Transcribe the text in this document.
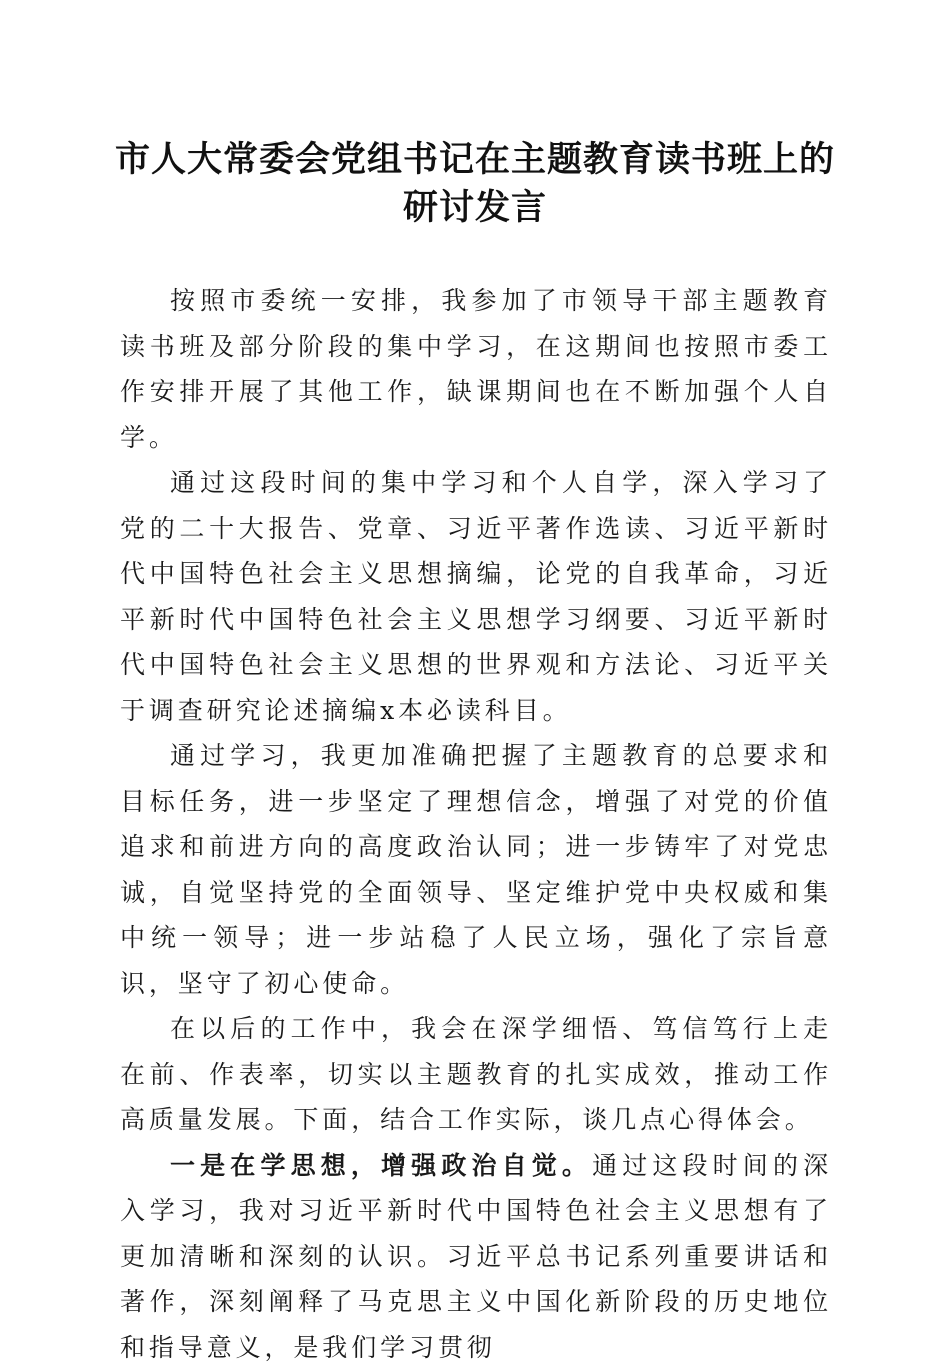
市人大常委会党组书记在主题教育读书班上的
研讨发言

按照市委统一安排，我参加了市领导干部主题教育读书班及部分阶段的集中学习，在这期间也按照市委工作安排开展了其他工作，缺课期间也在不断加强个人自学。

通过这段时间的集中学习和个人自学，深入学习了党的二十大报告、党章、习近平著作选读、习近平新时代中国特色社会主义思想摘编，论党的自我革命，习近平新时代中国特色社会主义思想学习纲要、习近平新时代中国特色社会主义思想的世界观和方法论、习近平关于调查研究论述摘编x本必读科目。

通过学习，我更加准确把握了主题教育的总要求和目标任务，进一步坚定了理想信念，增强了对党的价值追求和前进方向的高度政治认同；进一步铸牢了对党忠诚，自觉坚持党的全面领导、坚定维护党中央权威和集中统一领导；进一步站稳了人民立场，强化了宗旨意识，坚守了初心使命。

在以后的工作中，我会在深学细悟、笃信笃行上走在前、作表率，切实以主题教育的扎实成效，推动工作高质量发展。下面，结合工作实际，谈几点心得体会。

一是在学思想，增强政治自觉。通过这段时间的深入学习，我对习近平新时代中国特色社会主义思想有了更加清晰和深刻的认识。习近平总书记系列重要讲话和著作，深刻阐释了马克思主义中国化新阶段的历史地位和指导意义，是我们学习贯彻
